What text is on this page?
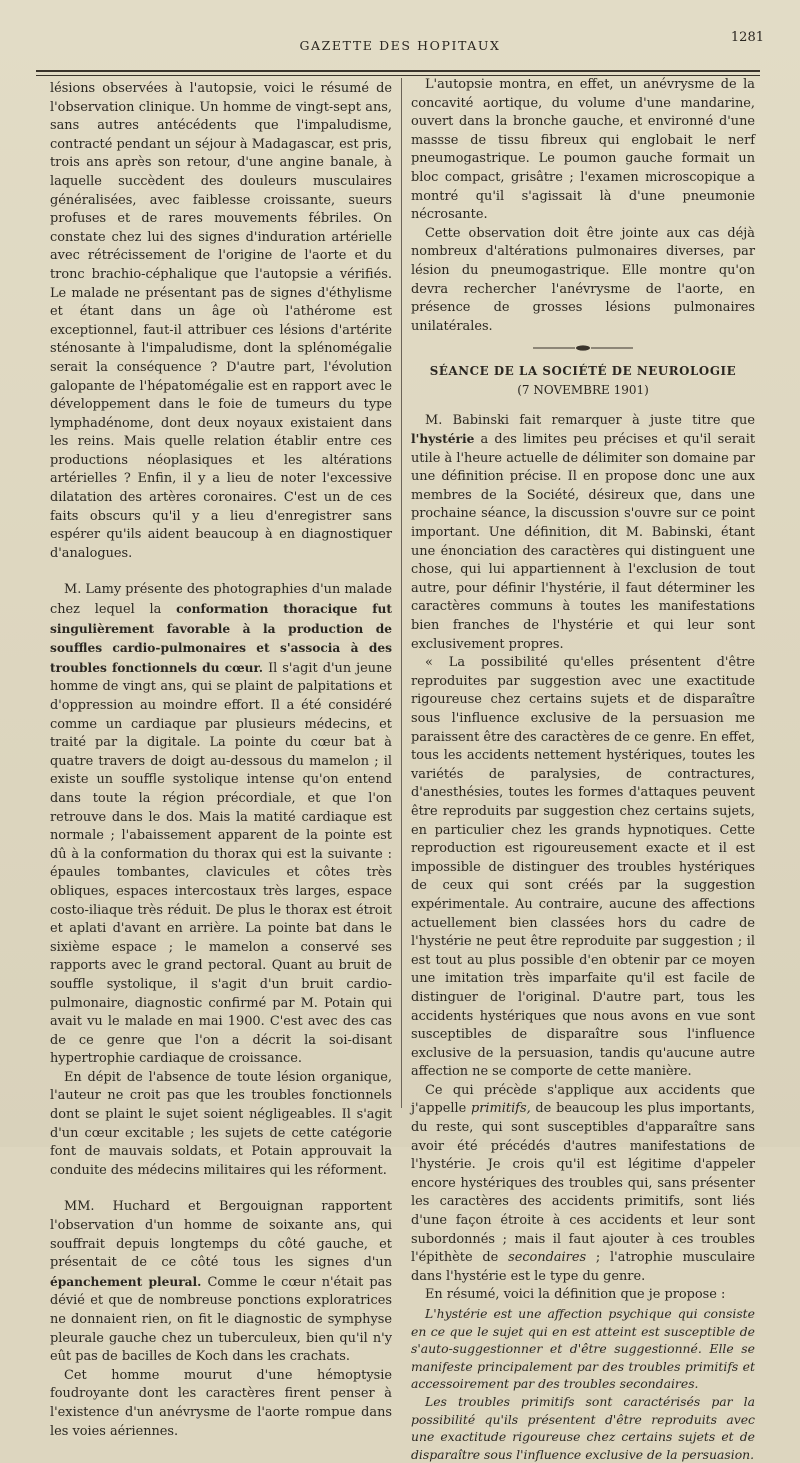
GAZETTE DES HOPITAUX
1281

lésions observées à l'autopsie, voici le résumé de l'observation clinique. Un homme de vingt-sept ans, sans autres antécédents que l'impaludisme, contracté pendant un séjour à Madagascar, est pris, trois ans après son retour, d'une angine banale, à laquelle succèdent des douleurs musculaires généralisées, avec faiblesse croissante, sueurs profuses et de rares mouvements fébriles. On constate chez lui des signes d'induration artérielle avec rétrécissement de l'origine de l'aorte et du tronc brachio-céphalique que l'autopsie a vérifiés. Le malade ne présentant pas de signes d'éthylisme et étant dans un âge où l'athérome est exceptionnel, faut-il attribuer ces lésions d'artérite sténosante à l'impaludisme, dont la splénomégalie serait la conséquence ? D'autre part, l'évolution galopante de l'hépatomégalie est en rapport avec le développement dans le foie de tumeurs du type lymphadénome, dont deux noyaux existaient dans les reins. Mais quelle relation établir entre ces productions néoplasiques et les altérations artérielles ? Enfin, il y a lieu de noter l'excessive dilatation des artères coronaires. C'est un de ces faits obscurs qu'il y a lieu d'enregistrer sans espérer qu'ils aident beaucoup à en diagnostiquer d'analogues.

M. Lamy présente des photographies d'un malade chez lequel la conformation thoracique fut singulièrement favorable à la production de souffles cardio-pulmonaires et s'associa à des troubles fonctionnels du cœur. Il s'agit d'un jeune homme de vingt ans, qui se plaint de palpitations et d'oppression au moindre effort. Il a été considéré comme un cardiaque par plusieurs médecins, et traité par la digitale. La pointe du cœur bat à quatre travers de doigt au-dessous du mamelon ; il existe un souffle systolique intense qu'on entend dans toute la région précordiale, et que l'on retrouve dans le dos. Mais la matité cardiaque est normale ; l'abaissement apparent de la pointe est dû à la conformation du thorax qui est la suivante : épaules tombantes, clavicules et côtes très obliques, espaces intercostaux très larges, espace costo-iliaque très réduit. De plus le thorax est étroit et aplati d'avant en arrière. La pointe bat dans le sixième espace ; le mamelon a conservé ses rapports avec le grand pectoral. Quant au bruit de souffle systolique, il s'agit d'un bruit cardio-pulmonaire, diagnostic confirmé par M. Potain qui avait vu le malade en mai 1900. C'est avec des cas de ce genre que l'on a décrit la soi-disant hypertrophie cardiaque de croissance.

En dépit de l'absence de toute lésion organique, l'auteur ne croit pas que les troubles fonctionnels dont se plaint le sujet soient négligeables. Il s'agit d'un cœur excitable ; les sujets de cette catégorie font de mauvais soldats, et Potain approuvait la conduite des médecins militaires qui les réforment.

MM. Huchard et Bergouignan rapportent l'observation d'un homme de soixante ans, qui souffrait depuis longtemps du côté gauche, et présentait de ce côté tous les signes d'un épanchement pleural. Comme le cœur n'était pas dévié et que de nombreuse ponctions exploratrices ne donnaient rien, on fit le diagnostic de symphyse pleurale gauche chez un tuberculeux, bien qu'il n'y eût pas de bacilles de Koch dans les crachats.

Cet homme mourut d'une hémoptysie foudroyante dont les caractères firent penser à l'existence d'un anévrysme de l'aorte rompue dans les voies aériennes.

L'autopsie montra, en effet, un anévrysme de la concavité aortique, du volume d'une mandarine, ouvert dans la bronche gauche, et environné d'une massse de tissu fibreux qui englobait le nerf pneumogastrique. Le poumon gauche formait un bloc compact, grisâtre ; l'examen microscopique a montré qu'il s'agissait là d'une pneumonie nécrosante.

Cette observation doit être jointe aux cas déjà nombreux d'altérations pulmonaires diverses, par lésion du pneumogastrique. Elle montre qu'on devra rechercher l'anévrysme de l'aorte, en présence de grosses lésions pulmonaires unilatérales.

SÉANCE DE LA SOCIÉTÉ DE NEUROLOGIE
(7 NOVEMBRE 1901)

M. Babinski fait remarquer à juste titre que l'hystérie a des limites peu précises et qu'il serait utile à l'heure actuelle de délimiter son domaine par une définition précise. Il en propose donc une aux membres de la Société, désireux que, dans une prochaine séance, la discussion s'ouvre sur ce point important. Une définition, dit M. Babinski, étant une énonciation des caractères qui distinguent une chose, qui lui appartiennent à l'exclusion de tout autre, pour définir l'hystérie, il faut déterminer les caractères communs à toutes les manifestations bien franches de l'hystérie et qui leur sont exclusivement propres.

« La possibilité qu'elles présentent d'être reproduites par suggestion avec une exactitude rigoureuse chez certains sujets et de disparaître sous l'influence exclusive de la persuasion me paraissent être des caractères de ce genre. En effet, tous les accidents nettement hystériques, toutes les variétés de paralysies, de contractures, d'anesthésies, toutes les formes d'attaques peuvent être reproduits par suggestion chez certains sujets, en particulier chez les grands hypnotiques. Cette reproduction est rigoureusement exacte et il est impossible de distinguer des troubles hystériques de ceux qui sont créés par la suggestion expérimentale. Au contraire, aucune des affections actuellement bien classées hors du cadre de l'hystérie ne peut être reproduite par suggestion ; il est tout au plus possible d'en obtenir par ce moyen une imitation très imparfaite qu'il est facile de distinguer de l'original. D'autre part, tous les accidents hystériques que nous avons en vue sont susceptibles de disparaître sous l'influence exclusive de la persuasion, tandis qu'aucune autre affection ne se comporte de cette manière.

Ce qui précède s'applique aux accidents que j'appelle primitifs, de beaucoup les plus importants, du reste, qui sont susceptibles d'apparaître sans avoir été précédés d'autres manifestations de l'hystérie. Je crois qu'il est légitime d'appeler encore hystériques des troubles qui, sans présenter les caractères des accidents primitifs, sont liés d'une façon étroite à ces accidents et leur sont subordonnés ; mais il faut ajouter à ces troubles l'épithète de secondaires ; l'atrophie musculaire dans l'hystérie est le type du genre.

En résumé, voici la définition que je propose :

L'hystérie est une affection psychique qui consiste en ce que le sujet qui en est atteint est susceptible de s'auto-suggestionner et d'être suggestionné. Elle se manifeste principalement par des troubles primitifs et accessoirement par des troubles secondaires.

Les troubles primitifs sont caractérisés par la possibilité qu'ils présentent d'être reproduits avec une exactitude rigoureuse chez certains sujets et de disparaître sous l'influence exclusive de la persuasion.
